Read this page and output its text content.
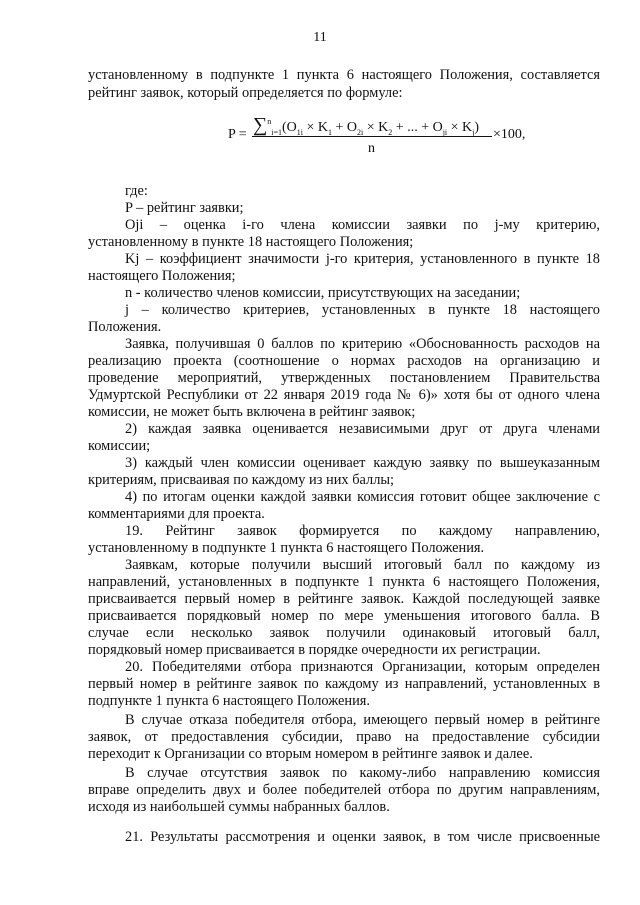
11
установленному в подпункте 1 пункта 6 настоящего Положения, составляется
рейтинг заявок, который определяется по формуле:
$P = \sum^n_{i=1}(O_{1i} \times K_1 + O_{2i} \times K_2$ + ... + $O_{ji} \times K_j$)
n
×100,
где:
P – рейтинг заявки;
Oji – оценка i-го члена комиссии заявки по j-му критерию,
установленному в пункте 18 настоящего Положения;
Kj – коэффициент значимости j-го критерия, установленного в пункте 18
настоящего Положения;
n - количество членов комиссии, присутствующих на заседании;
j – количество критериев, установленных в пункте 18 настоящего
Положения.
Заявка, получившая 0 баллов по критерию «Обоснованность расходов на
реализацию проекта (соотношение о нормах расходов на организацию и
проведение мероприятий, утвержденных постановлением Правительства
Удмуртской Республики от 22 января 2019 года № 6)» хотя бы от одного члена
комиссии, не может быть включена в рейтинг заявок;
2) каждая заявка оценивается независимыми друг от друга членами
комиссии;
3) каждый член комиссии оценивает каждую заявку по вышеуказанным
критериям, присваивая по каждому из них баллы;
4) по итогам оценки каждой заявки комиссия готовит общее заключение с
комментариями для проекта.
19. Рейтинг заявок формируется по каждому направлению,
установленному в подпункте 1 пункта 6 настоящего Положения.
Заявкам, которые получили высший итоговый балл по каждому из
направлений, установленных в подпункте 1 пункта 6 настоящего Положения,
присваивается первый номер в рейтинге заявок. Каждой последующей заявке
присваивается порядковый номер по мере уменьшения итогового балла. В
случае если несколько заявок получили одинаковый итоговый балл,
порядковый номер присваивается в порядке очередности их регистрации.
20. Победителями отбора признаются Организации, которым определен
первый номер в рейтинге заявок по каждому из направлений, установленных в
подпункте 1 пункта 6 настоящего Положения.
В случае отказа победителя отбора, имеющего первый номер в рейтинге
заявок, от предоставления субсидии, право на предоставление субсидии
переходит к Организации со вторым номером в рейтинге заявок и далее.
В случае отсутствия заявок по какому-либо направлению комиссия
вправе определить двух и более победителей отбора по другим направлениям,
исходя из наибольшей суммы набранных баллов.
21. Результаты рассмотрения и оценки заявок, в том числе присвоенные
